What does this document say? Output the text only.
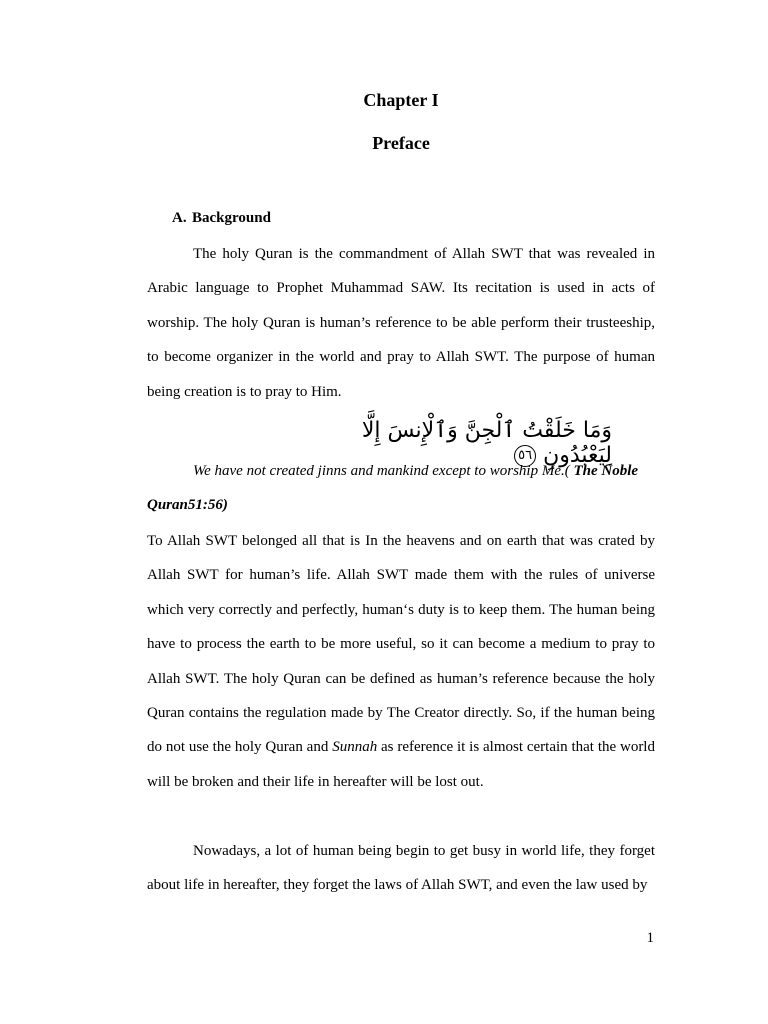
Chapter I
Preface
A. Background
The holy Quran is the commandment of Allah SWT that was revealed in Arabic language to Prophet Muhammad SAW. Its recitation is used in acts of worship. The holy Quran is human’s reference to be able perform their trusteeship, to become organizer in the world and pray to Allah SWT. The purpose of human being creation is to pray to Him.
وَمَا خَلَقْتُ ٱلْجِنَّ وَٱلْإِنسَ إِلَّا لِيَعْبُدُونِ ٥٦
We have not created jinns and mankind except to worship Me.( The Noble Quran51:56)
To Allah SWT belonged all that is In the heavens and on earth that was crated by Allah SWT for human’s life. Allah SWT made them with the rules of universe which very correctly and perfectly, human‘s duty is to keep them. The human being have to process the earth to be more useful, so it can become a medium to pray to Allah SWT. The holy Quran can be defined as human’s reference because the holy Quran contains the regulation made by The Creator directly. So, if the human being do not use the holy Quran and Sunnah as reference it is almost certain that the world will be broken and their life in hereafter will be lost out.
Nowadays, a lot of human being begin to get busy in world life, they forget about life in hereafter, they forget the laws of Allah SWT, and even the law used by
1
